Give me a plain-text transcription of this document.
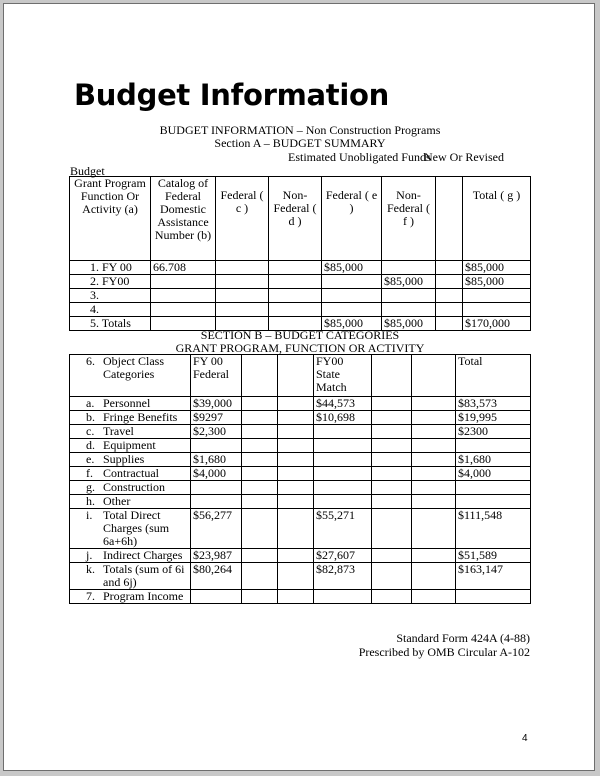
Budget Information
BUDGET INFORMATION – Non Construction Programs
Section A – BUDGET SUMMARY
Estimated Unobligated Funds
New Or Revised
Budget
Grant Program Function Or Activity (a)	Catalog of Federal Domestic Assistance Number (b)	Federal ( c )	Non-Federal ( d )	Federal ( e )	Non-Federal ( f )		Total ( g )
1. FY 00	66.708			$85,000			$85,000
2. FY00					$85,000		$85,000
3.							
4.							
5. Totals				$85,000	$85,000		$170,000
SECTION B – BUDGET CATEGORIES
GRANT PROGRAM, FUNCTION OR ACTIVITY
6. Object Class Categories	FY 00 Federal			FY00 State Match			Total

a. Personnel	$39,000			$44,573			$83,573

b. Fringe Benefits	$9297			$10,698			$19,995

c. Travel	$2,300						$2300

d. Equipment							

e. Supplies	$1,680						$1,680

f. Contractual	$4,000						$4,000

g. Construction							

h. Other							

i. Total Direct Charges (sum 6a+6h)	$56,277			$55,271			$111,548

j. Indirect Charges	$23,987			$27,607			$51,589

k. Totals (sum of 6i and 6j)	$80,264			$82,873			$163,147

7. Program Income							

Standard Form 424A (4-88)
Prescribed by OMB Circular A-102
4
